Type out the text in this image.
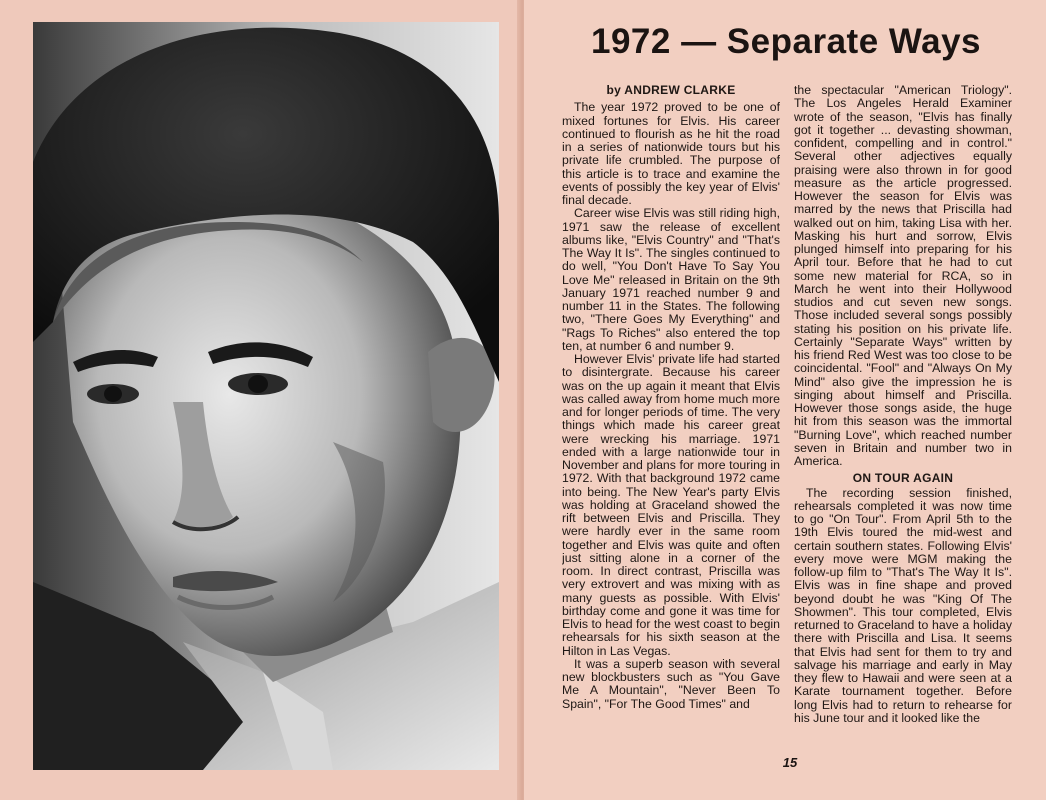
1972 — Separate Ways
by ANDREW CLARKE

The year 1972 proved to be one of mixed fortunes for Elvis. His career continued to flourish as he hit the road in a series of nationwide tours but his private life crumbled. The purpose of this article is to trace and examine the events of possibly the key year of Elvis' final decade.

Career wise Elvis was still riding high, 1971 saw the release of excellent albums like, "Elvis Country" and "That's The Way It Is". The singles continued to do well, "You Don't Have To Say You Love Me" released in Britain on the 9th January 1971 reached number 9 and number 11 in the States. The following two, "There Goes My Everything" and "Rags To Riches" also entered the top ten, at number 6 and number 9.

However Elvis' private life had started to disintergrate. Because his career was on the up again it meant that Elvis was called away from home much more and for longer periods of time. The very things which made his career great were wrecking his marriage. 1971 ended with a large nationwide tour in November and plans for more touring in 1972. With that background 1972 came into being. The New Year's party Elvis was holding at Graceland showed the rift between Elvis and Priscilla. They were hardly ever in the same room together and Elvis was quite and often just sitting alone in a corner of the room. In direct contrast, Priscilla was very extrovert and was mixing with as many guests as possible. With Elvis' birthday come and gone it was time for Elvis to head for the west coast to begin rehearsals for his sixth season at the Hilton in Las Vegas.

It was a superb season with several new blockbusters such as "You Gave Me A Mountain", "Never Been To Spain", "For The Good Times" and

the spectacular "American Triology". The Los Angeles Herald Examiner wrote of the season, "Elvis has finally got it together ... devasting showman, confident, compelling and in control." Several other adjectives equally praising were also thrown in for good measure as the article progressed. However the season for Elvis was marred by the news that Priscilla had walked out on him, taking Lisa with her. Masking his hurt and sorrow, Elvis plunged himself into preparing for his April tour. Before that he had to cut some new material for RCA, so in March he went into their Hollywood studios and cut seven new songs. Those included several songs possibly stating his position on his private life. Certainly "Separate Ways" written by his friend Red West was too close to be coincidental. "Fool" and "Always On My Mind" also give the impression he is singing about himself and Priscilla. However those songs aside, the huge hit from this season was the immortal "Burning Love", which reached number seven in Britain and number two in America.

ON TOUR AGAIN

The recording session finished, rehearsals completed it was now time to go "On Tour". From April 5th to the 19th Elvis toured the mid-west and certain southern states. Following Elvis' every move were MGM making the follow-up film to "That's The Way It Is". Elvis was in fine shape and proved beyond doubt he was "King Of The Showmen". This tour completed, Elvis returned to Graceland to have a holiday there with Priscilla and Lisa. It seems that Elvis had sent for them to try and salvage his marriage and early in May they flew to Hawaii and were seen at a Karate tournament together. Before long Elvis had to return to rehearse for his June tour and it looked like the

15
